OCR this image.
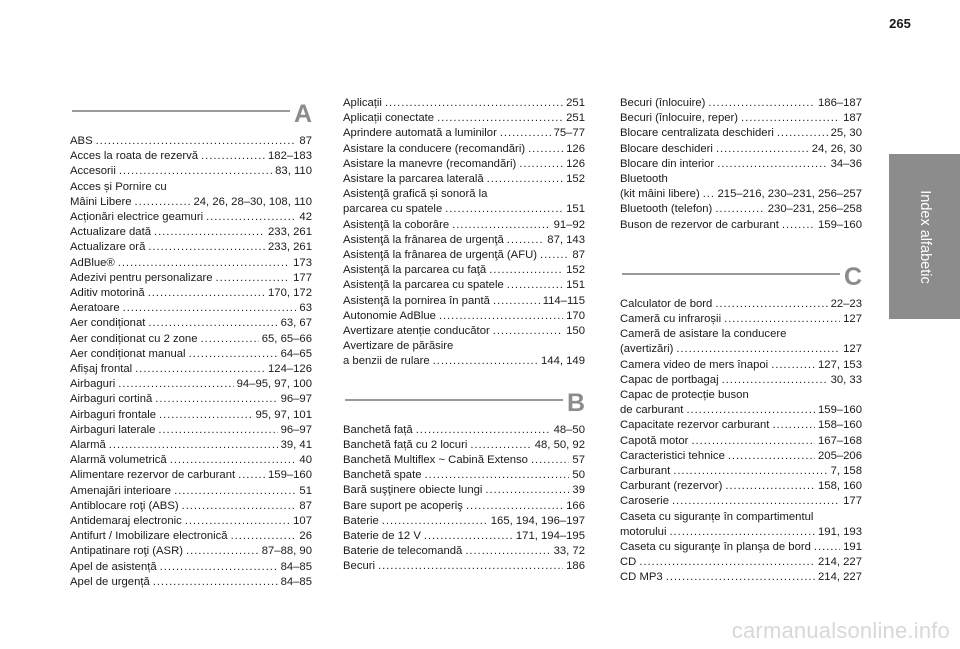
265
Index alfabetic
A
ABS . . .	87
Acces la roata de rezervă . . .	182–183
Accesorii . . .	83, 110
Acces și Pornire cu
Mâini Libere . . .	24, 26, 28–30, 108, 110
Acționări electrice geamuri . . .	42
Actualizare dată . . .	233, 261
Actualizare oră . . .	233, 261
AdBlue® . . .	173
Adezivi pentru personalizare . . .	177
Aditiv motorină . . .	170, 172
Aeratoare . . .	63
Aer condiționat . . .	63, 67
Aer condiționat cu 2 zone . . .	65, 65–66
Aer condiționat manual . . .	64–65
Afișaj frontal . . .	124–126
Airbaguri . . .	94–95, 97, 100
Airbaguri cortină . . .	96–97
Airbaguri frontale . . .	95, 97, 101
Airbaguri laterale . . .	96–97
Alarmă . . .	39, 41
Alarmă volumetrică . . .	40
Alimentare rezervor de carburant . . .	159–160
Amenajări interioare . . .	51
Antiblocare roţi (ABS) . . .	87
Antidemaraj electronic . . .	107
Antifurt / Imobilizare electronică . . .	26
Antipatinare roţi (ASR) . . .	87–88, 90
Apel de asistență . . .	84–85
Apel de urgență . . .	84–85
Aplicații . . .	251
Aplicații conectate . . .	251
Aprindere automată a luminilor . . .	75–77
Asistare la conducere (recomandări) . . .	126
Asistare la manevre (recomandări) . . .	126
Asistare la parcarea laterală . . .	152
Asistenţă grafică și sonoră la
parcarea cu spatele . . .	151
Asistenţă la coborâre . . .	91–92
Asistenţă la frânarea de urgenţă . . .	87, 143
Asistenţă la frânarea de urgenţă (AFU) . . .	87
Asistenţă la parcarea cu faţă . . .	152
Asistenţă la parcarea cu spatele . . .	151
Asistenţă la pornirea în pantă . . .	114–115
Autonomie AdBlue . . .	170
Avertizare atenție conducător . . .	150
Avertizare de părăsire
a benzii de rulare . . .	144, 149
B
Banchetă față . . .	48–50
Banchetă față cu 2 locuri . . .	48, 50, 92
Banchetă Multiflex ~ Cabină Extenso . . .	57
Banchetă spate . . .	50
Bară suşţinere obiecte lungi . . .	39
Bare suport pe acoperiş . . .	166
Baterie . . .	165, 194, 196–197
Baterie de 12 V . . .	171, 194–195
Baterie de telecomandă . . .	33, 72
Becuri . . .	186
Becuri (înlocuire) . . .	186–187
Becuri (înlocuire, reper) . . .	187
Blocare centralizata deschideri . . .	25, 30
Blocare deschideri . . .	24, 26, 30
Blocare din interior . . .	34–36
Bluetooth
(kit mâini libere) . . . 215–216, 230–231, 256–257
Bluetooth (telefon) . . .	230–231, 256–258
Buson de rezervor de carburant . . .	159–160
C
Calculator de bord . . .	22–23
Cameră cu infraroșii . . .	127
Cameră de asistare la conducere
(avertizări) . . .	127
Camera video de mers înapoi . . .	127, 153
Capac de portbagaj . . .	30, 33
Capac de protecție buson
de carburant . . .	159–160
Capacitate rezervor carburant . . .	158–160
Capotă motor . . .	167–168
Caracteristici tehnice . . .	205–206
Carburant . . .	7, 158
Carburant (rezervor) . . .	158, 160
Caroserie . . .	177
Caseta cu siguranțe în compartimentul
motorului . . .	191, 193
Caseta cu siguranţe în planşa de bord . . .	191
CD . . .	214, 227
CD MP3 . . .	214, 227
carmanualsonline.info
